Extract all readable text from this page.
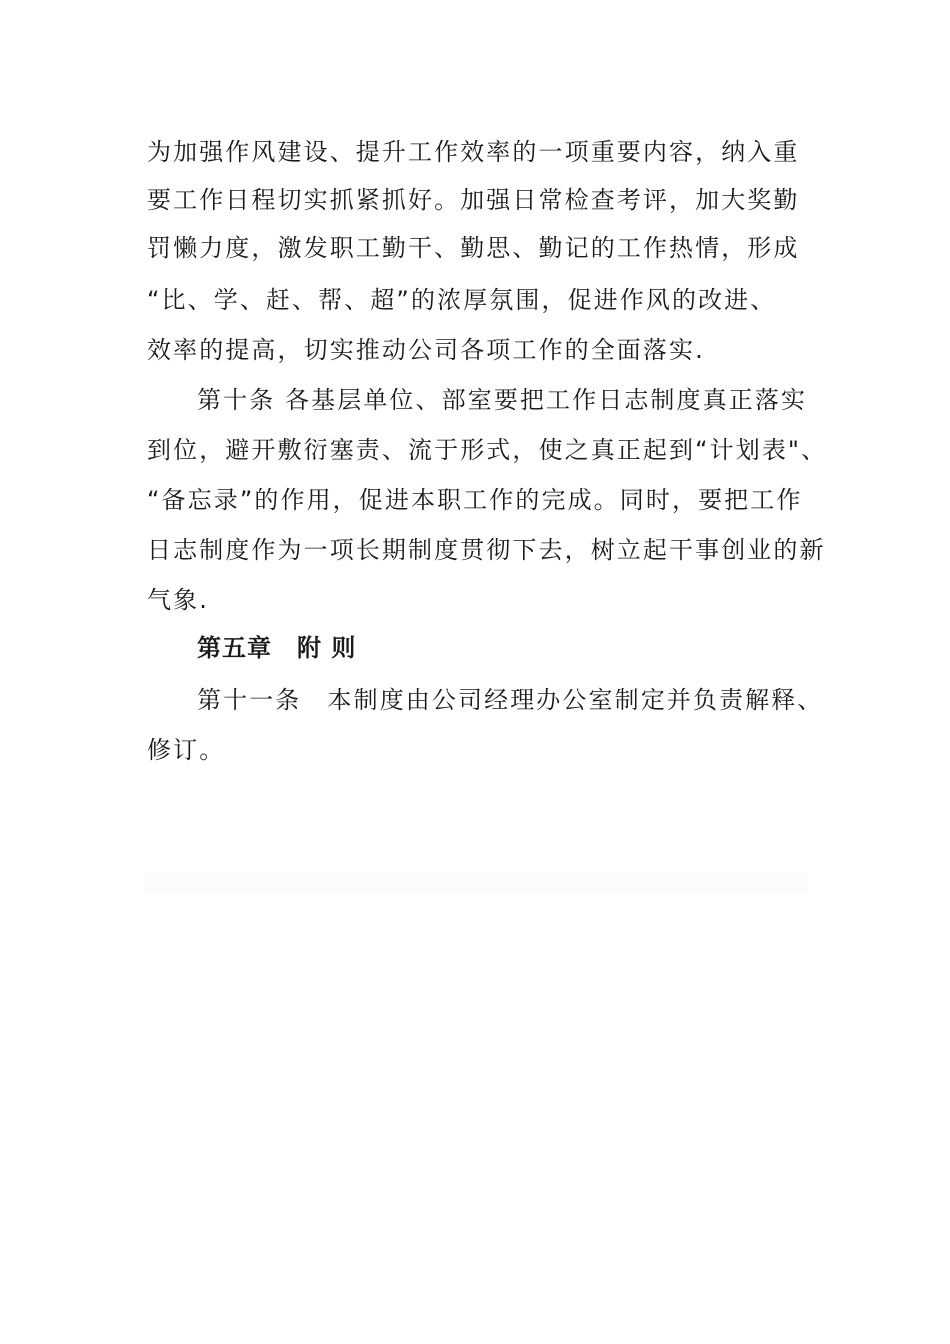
为加强作风建设、提升工作效率的一项重要内容，纳入重
要工作日程切实抓紧抓好。加强日常检查考评，加大奖勤
罚懒力度，激发职工勤干、勤思、勤记的工作热情，形成
“比、学、赶、帮、超”的浓厚氛围，促进作风的改进、
效率的提高，切实推动公司各项工作的全面落实.
第十条 各基层单位、部室要把工作日志制度真正落实
到位，避开敷衍塞责、流于形式，使之真正起到“计划表"、
“备忘录”的作用，促进本职工作的完成。同时，要把工作
日志制度作为一项长期制度贯彻下去，树立起干事创业的新
气象.
第五章　附 则
第十一条　本制度由公司经理办公室制定并负责解释、
修订。
